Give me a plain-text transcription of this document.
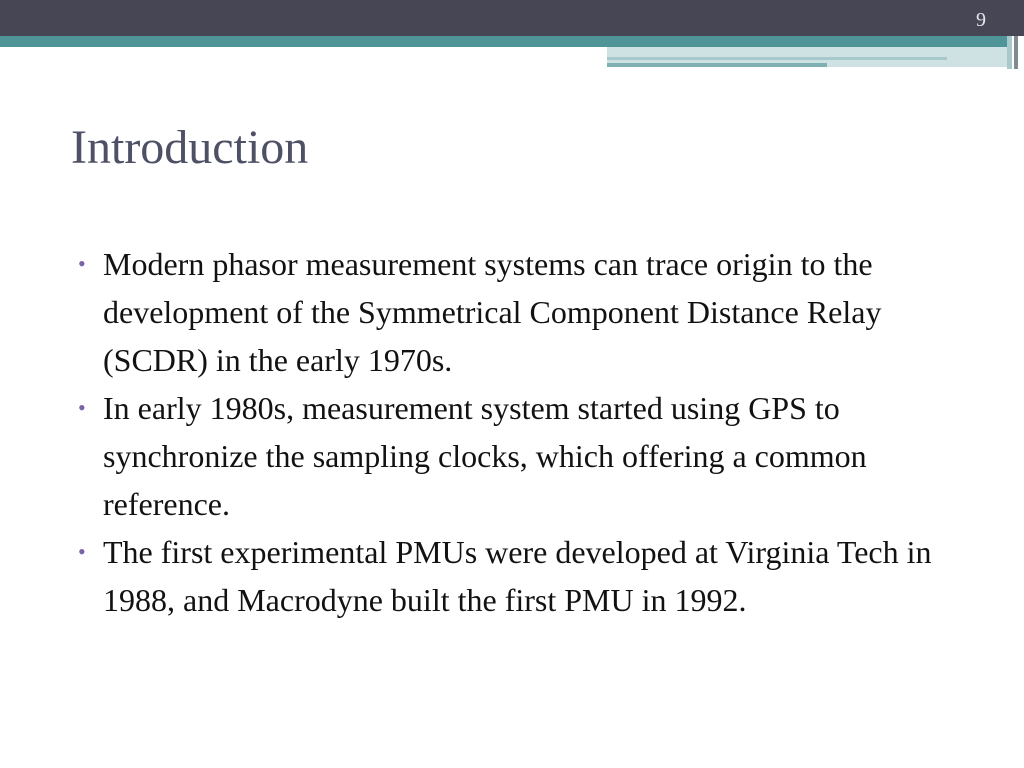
9
Introduction
• Modern phasor measurement systems can trace origin to the development of the Symmetrical Component Distance Relay (SCDR) in the early 1970s.
• In early 1980s, measurement system started using GPS to synchronize the sampling clocks, which offering a common reference.
• The first experimental PMUs were developed at Virginia Tech in 1988, and Macrodyne built the first PMU in 1992.
